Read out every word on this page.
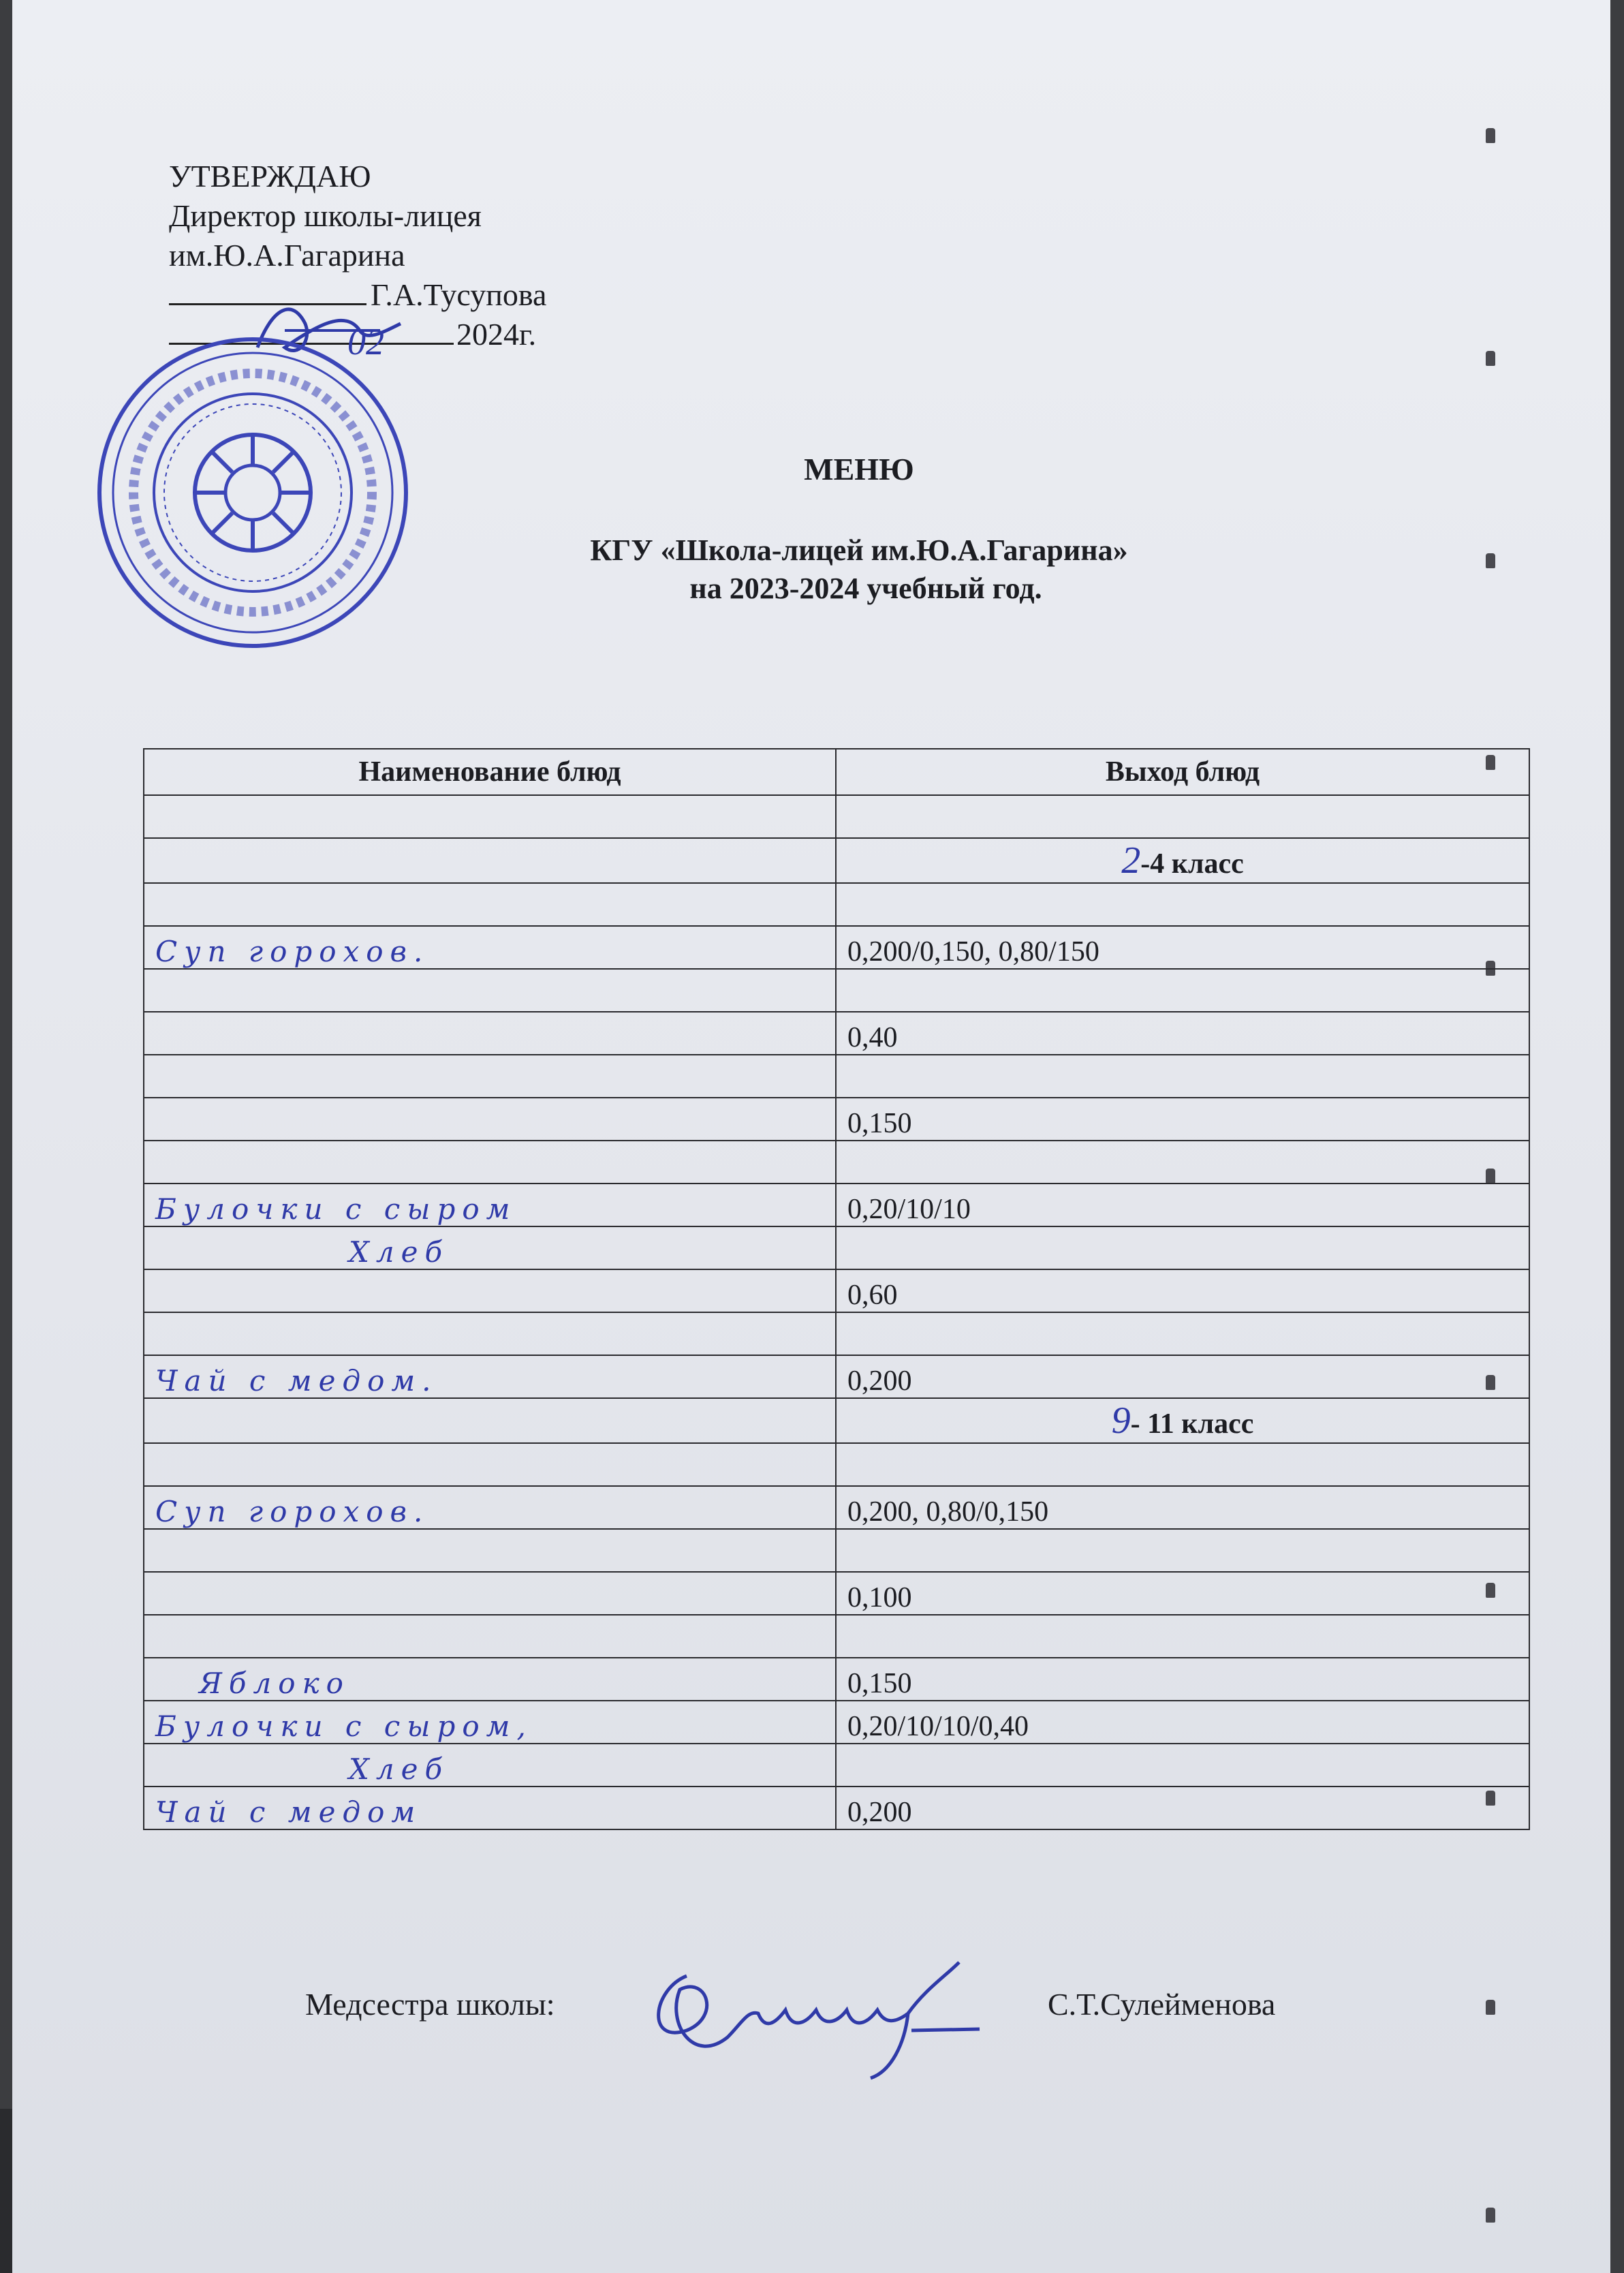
УТВЕРЖДАЮ
Директор школы-лицея
им.Ю.А.Гагарина
Г.А.Тусупова
02 2024г.
МЕНЮ
КГУ «Школа-лицей им.Ю.А.Гагарина»
на 2023-2024 учебный год.
Наименование блюд	Выход блюд

	2-4 класс

Суп горохов.	0,200/0,150, 0,80/150

	0,40

	0,150

Булочки с сыром	0,20/10/10
Хлеб	
	0,60

Чай с медом.	0,200
	9- 11 класс

Суп горохов.	0,200, 0,80/0,150

	0,100

Яблоко	0,150
Булочки с сыром,	0,20/10/10/0,40
Хлеб	
Чай с медом	0,200
Медсестра школы:	С.Т.Сулейменова
